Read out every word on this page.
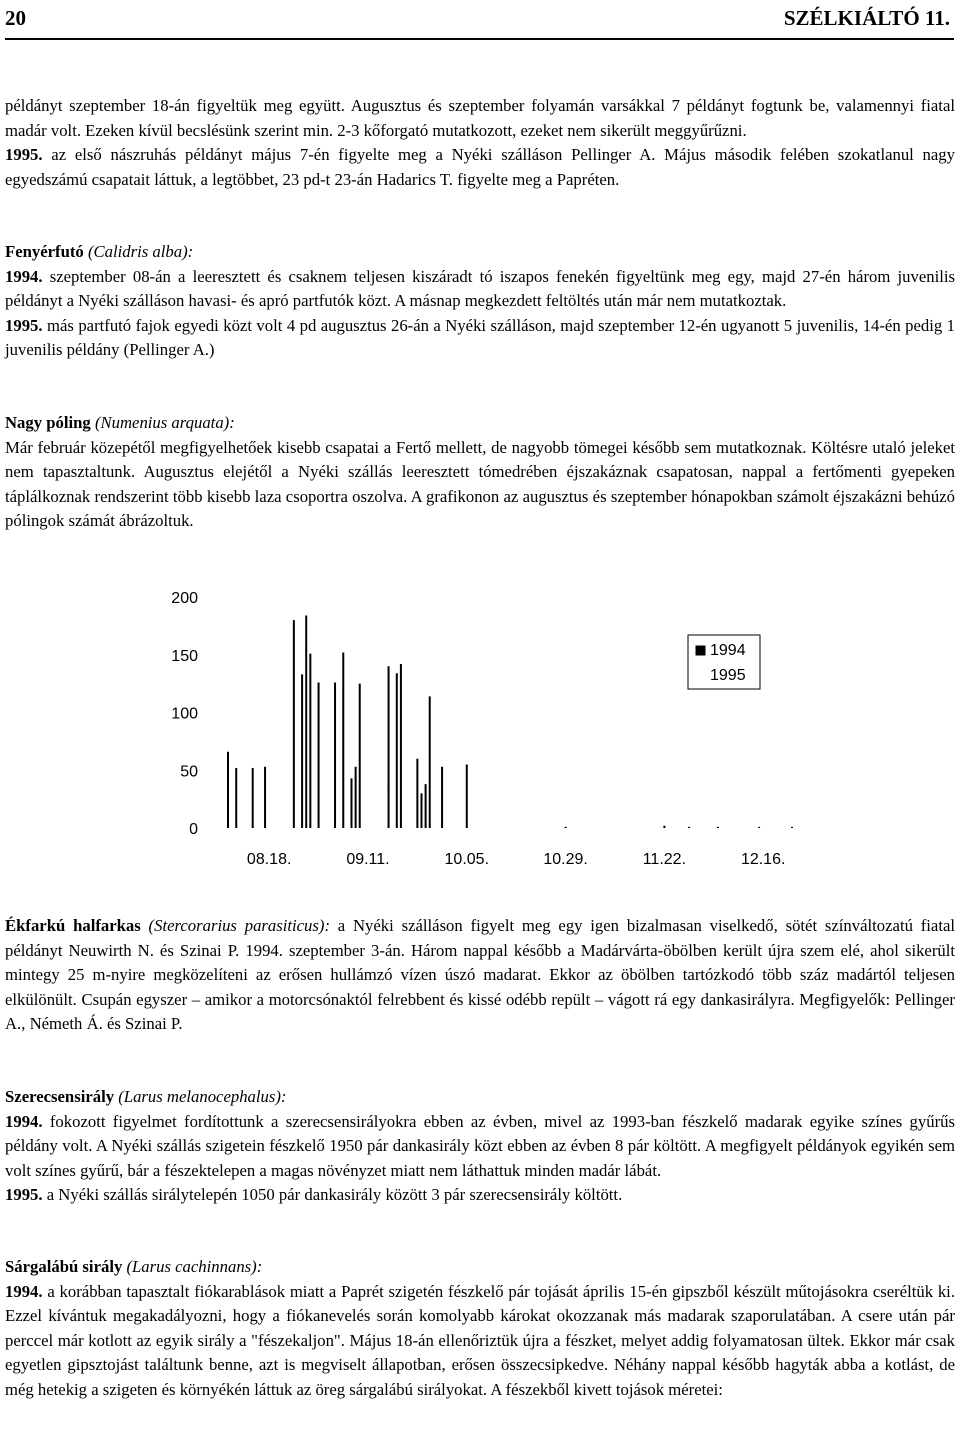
20	SZÉLKIÁLTÓ 11.

példányt szeptember 18-án figyeltük meg együtt. Augusztus és szeptember folyamán varsákkal 7 példányt fogtunk be, valamennyi fiatal madár volt. Ezeken kívül becslésünk szerint min. 2-3 kőforgató mutatkozott, ezeket nem sikerült meggyűrűzni.

1995. az első nászruhás példányt május 7-én figyelte meg a Nyéki szálláson Pellinger A. Május második felében szokatlanul nagy egyedszámú csapatait láttuk, a legtöbbet, 23 pd-t 23-án Hadarics T. figyelte meg a Papréten.

Fenyérfutó (Calidris alba):

1994. szeptember 08-án a leeresztett és csaknem teljesen kiszáradt tó iszapos fenekén figyeltünk meg egy, majd 27-én három juvenilis példányt a Nyéki szálláson havasi- és apró partfutók közt. A másnap megkezdett feltöltés után már nem mutatkoztak.

1995. más partfutó fajok egyedi közt volt 4 pd augusztus 26-án a Nyéki szálláson, majd szeptember 12-én ugyanott 5 juvenilis, 14-én pedig 1 juvenilis példány (Pellinger A.)

Nagy póling (Numenius arquata):

Már február közepétől megfigyelhetőek kisebb csapatai a Fertő mellett, de nagyobb tömegei később sem mutatkoznak. Költésre utaló jeleket nem tapasztaltunk. Augusztus elejétől a Nyéki szállás leeresztett tómedrében éjszakáznak csapatosan, nappal a fertőmenti gyepeken táplálkoznak rendszerint több kisebb laza csoportra oszolva. A grafikonon az augusztus és szeptember hónapokban számolt éjszakázni behúzó pólingok számát ábrázoltuk.

200
150
100
50
0
08.18.	09.11.	10.05.	10.29.	11.22.	12.16.
1994
1995

Ékfarkú halfarkas (Stercorarius parasiticus): a Nyéki szálláson figyelt meg egy igen bizalmasan viselkedő, sötét színváltozatú fiatal példányt Neuwirth N. és Szinai P. 1994. szeptember 3-án. Három nappal később a Madárvárta-öbölben került újra szem elé, ahol sikerült mintegy 25 m-nyire megközelíteni az erősen hullámzó vízen úszó madarat. Ekkor az öbölben tartózkodó több száz madártól teljesen elkülönült. Csupán egyszer – amikor a motorcsónaktól felrebbent és kissé odébb repült – vágott rá egy dankasirályra. Megfigyelők: Pellinger A., Németh Á. és Szinai P.

Szerecsensirály (Larus melanocephalus):

1994. fokozott figyelmet fordítottunk a szerecsensirályokra ebben az évben, mivel az 1993-ban fészkelő madarak egyike színes gyűrűs példány volt. A Nyéki szállás szigetein fészkelő 1950 pár dankasirály közt ebben az évben 8 pár költött. A megfigyelt példányok egyikén sem volt színes gyűrű, bár a fészektelepen a magas növényzet miatt nem láthattuk minden madár lábát.

1995. a Nyéki szállás sirálytelepén 1050 pár dankasirály között 3 pár szerecsensirály költött.

Sárgalábú sirály (Larus cachinnans):

1994. a korábban tapasztalt fiókarablások miatt a Paprét szigetén fészkelő pár tojását április 15-én gipszből készült műtojásokra cseréltük ki. Ezzel kívántuk megakadályozni, hogy a fiókanevelés során komolyabb károkat okozzanak más madarak szaporulatában. A csere után pár perccel már kotlott az egyik sirály a "fészekaljon". Május 18-án ellenőriztük újra a fészket, melyet addig folyamatosan ültek. Ekkor már csak egyetlen gipsztojást találtunk benne, azt is megviselt állapotban, erősen összecsipkedve. Néhány nappal később hagyták abba a kotlást, de még hetekig a szigeten és környékén láttuk az öreg sárgalábú sirályokat. A fészekből kivett tojások méretei:
